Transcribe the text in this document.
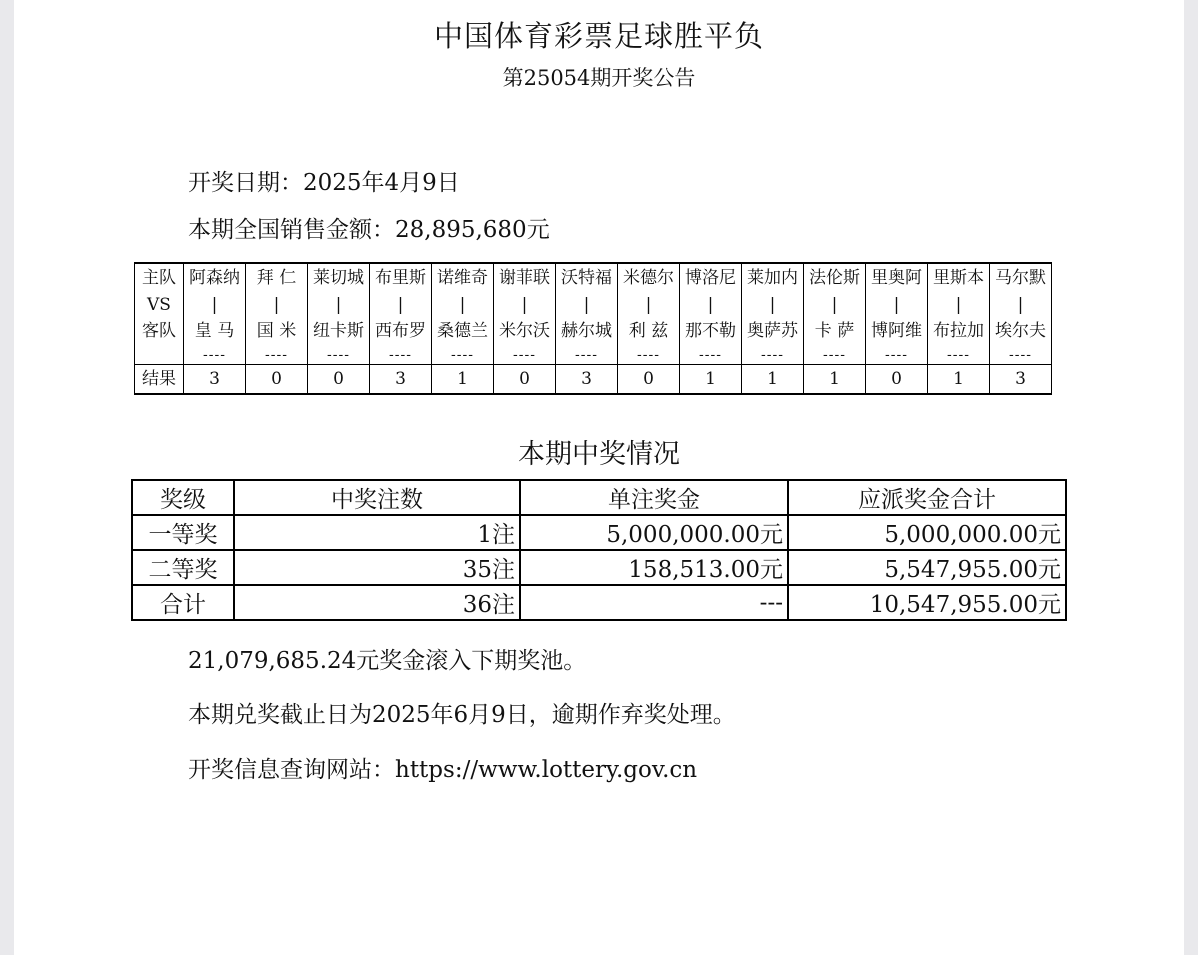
中国体育彩票足球胜平负
第25054期开奖公告
开奖日期：2025年4月9日
本期全国销售金额：28,895,680元
主队	阿森纳	拜 仁	莱切城	布里斯	诺维奇	谢菲联	沃特福	米德尔	博洛尼	莱加内	法伦斯	里奥阿	里斯本	马尔默
VS	|	|	|	|	|	|	|	|	|	|	|	|	|	|
客队	皇 马	国 米	纽卡斯	西布罗	桑德兰	米尔沃	赫尔城	利 兹	那不勒	奥萨苏	卡 萨	博阿维	布拉加	埃尔夫
	----	----	----	----	----	----	----	----	----	----	----	----	----	----
结果	3	0	0	3	1	0	3	0	1	1	1	0	1	3
本期中奖情况
奖级	中奖注数	单注奖金	应派奖金合计
一等奖	1注	5,000,000.00元	5,000,000.00元
二等奖	35注	158,513.00元	5,547,955.00元
合计	36注	---	10,547,955.00元
21,079,685.24元奖金滚入下期奖池。
本期兑奖截止日为2025年6月9日，逾期作弃奖处理。
开奖信息查询网站：https://www.lottery.gov.cn
